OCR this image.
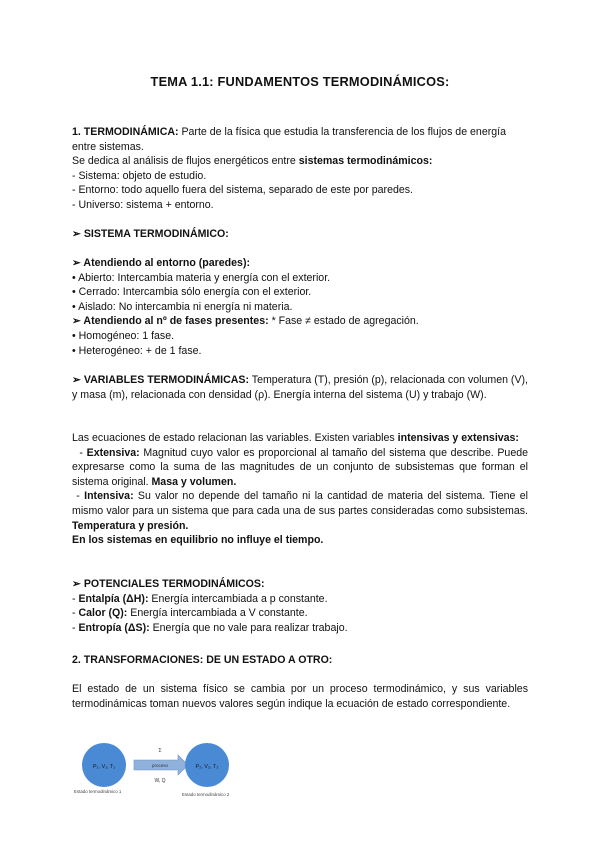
TEMA 1.1: FUNDAMENTOS TERMODINÁMICOS:
1. TERMODINÁMICA: Parte de la física que estudia la transferencia de los flujos de energía entre sistemas.
Se dedica al análisis de flujos energéticos entre sistemas termodinámicos:
- Sistema: objeto de estudio.
- Entorno: todo aquello fuera del sistema, separado de este por paredes.
- Universo: sistema + entorno.
➢ SISTEMA TERMODINÁMICO:
➢ Atendiendo al entorno (paredes):
• Abierto: Intercambia materia y energía con el exterior.
• Cerrado: Intercambia sólo energía con el exterior.
• Aislado: No intercambia ni energía ni materia.
➢ Atendiendo al nº de fases presentes: * Fase ≠ estado de agregación.
• Homogéneo: 1 fase.
• Heterogéneo: + de 1 fase.
➢ VARIABLES TERMODINÁMICAS: Temperatura (T), presión (p), relacionada con volumen (V), y masa (m), relacionada con densidad (ρ). Energía interna del sistema (U) y trabajo (W).
Las ecuaciones de estado relacionan las variables. Existen variables intensivas y extensivas:
- Extensiva: Magnitud cuyo valor es proporcional al tamaño del sistema que describe. Puede expresarse como la suma de las magnitudes de un conjunto de subsistemas que forman el sistema original. Masa y volumen.
- Intensiva: Su valor no depende del tamaño ni la cantidad de materia del sistema. Tiene el mismo valor para un sistema que para cada una de sus partes consideradas como subsistemas. Temperatura y presión.
En los sistemas en equilibrio no influye el tiempo.
➢ POTENCIALES TERMODINÁMICOS:
- Entalpía (ΔH): Energía intercambiada a p constante.
- Calor (Q): Energía intercambiada a V constante.
- Entropía (ΔS): Energía que no vale para realizar trabajo.
2. TRANSFORMACIONES: DE UN ESTADO A OTRO:
El estado de un sistema físico se cambia por un proceso termodinámico, y sus variables termodinámicas toman nuevos valores según indique la ecuación de estado correspondiente.
P₁, V₁, T₁
Σ
proceso
W, Q
P₂, V₂, T₂
Estado termodinámico 1
Estado termodinámico 2
